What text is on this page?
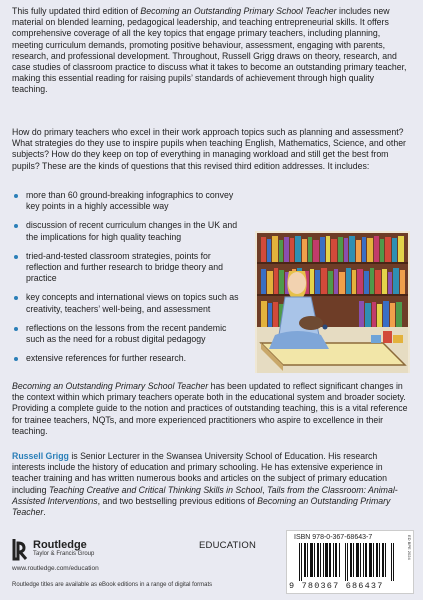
This fully updated third edition of Becoming an Outstanding Primary School Teacher includes new material on blended learning, pedagogical leadership, and teaching entrepreneurial skills. It offers comprehensive coverage of all the key topics that engage primary teachers, including planning, meeting curriculum demands, promoting positive behaviour, assessment, engaging with parents, research, and professional development. Throughout, Russell Grigg draws on theory, research, and case studies of classroom practice to discuss what it takes to become an outstanding primary teacher, making this essential reading for raising pupils’ standards of achievement through high quality teaching.

How do primary teachers who excel in their work approach topics such as planning and assessment? What strategies do they use to inspire pupils when teaching English, Mathematics, Science, and other subjects? How do they keep on top of everything in managing workload and still get the best from pupils? These are the kinds of questions that this revised third edition addresses. It includes:

more than 60 ground-breaking infographics to convey key points in a highly accessible way
discussion of recent curriculum changes in the UK and the implications for high quality teaching
tried-and-tested classroom strategies, points for reflection and further research to bridge theory and practice
key concepts and international views on topics such as creativity, teachers’ well-being, and assessment
reflections on the lessons from the recent pandemic such as the need for a robust digital pedagogy
extensive references for further research.

Becoming an Outstanding Primary School Teacher has been updated to reflect significant changes in the context within which primary teachers operate both in the educational system and broader society. Providing a complete guide to the notion and practices of outstanding teaching, this is a vital reference for trainee teachers, NQTs, and more experienced practitioners who aspire to excellence in their teaching.

Russell Grigg is Senior Lecturer in the Swansea University School of Education. His research interests include the history of education and primary schooling. He has extensive experience in teacher training and has written numerous books and articles on the subject of primary education including Teaching Creative and Critical Thinking Skills in School, Tails from the Classroom: Animal-Assisted Interventions, and two bestselling previous editions of Becoming an Outstanding Primary Teacher.

Routledge
Taylor & Francis Group
www.routledge.com/education
EDUCATION
ISBN 978-0-367-68643-7
9 780367 686437
ED BPE 2024
Routledge titles are available as eBook editions in a range of digital formats
